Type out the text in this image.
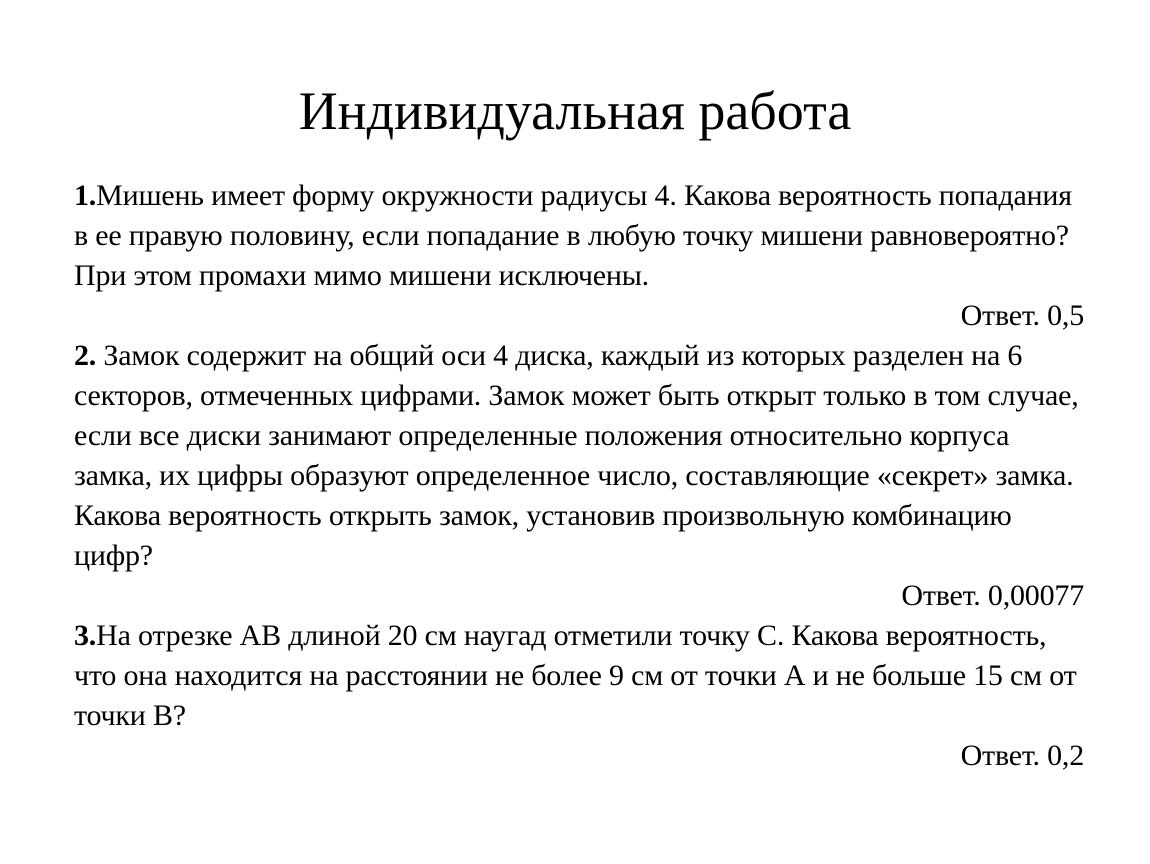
Индивидуальная работа

1.Мишень имеет форму окружности радиусы 4. Какова вероятность попадания в ее правую половину, если попадание в любую точку мишени равновероятно? При этом промахи мимо мишени исключены.

Ответ. 0,5

2. Замок содержит на общий оси 4 диска, каждый из которых разделен на 6 секторов, отмеченных цифрами. Замок может быть открыт только в том случае, если все диски занимают определенные положения относительно корпуса замка, их цифры образуют определенное число, составляющие «секрет» замка. Какова вероятность открыть замок, установив произвольную комбинацию цифр?

Ответ. 0,00077

3.На отрезке АВ длиной 20 см наугад отметили точку С. Какова вероятность, что она находится на расстоянии не более 9 см от точки А и не больше 15 см от точки В?

Ответ. 0,2
